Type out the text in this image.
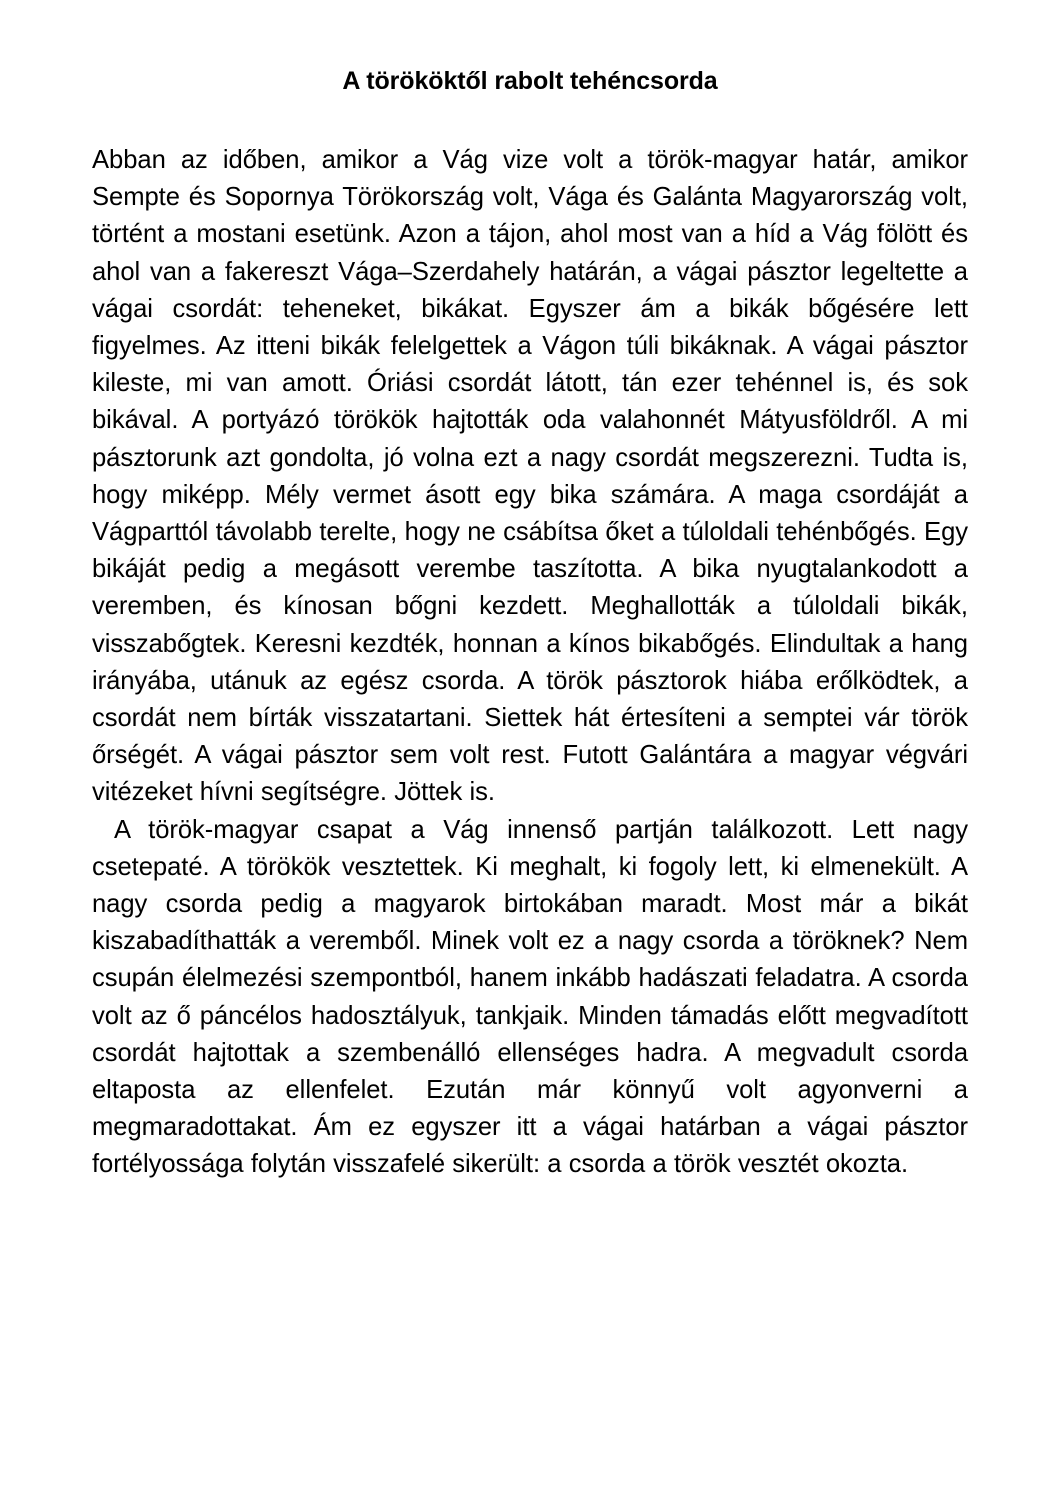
A törököktől rabolt tehéncsorda

Abban az időben, amikor a Vág vize volt a török-magyar határ, amikor Sempte és Sopornya Törökország volt, Vága és Galánta Magyarország volt, történt a mostani esetünk. Azon a tájon, ahol most van a híd a Vág fölött és ahol van a fakereszt Vága–Szerdahely határán, a vágai pásztor legeltette a vágai csordát: teheneket, bikákat. Egyszer ám a bikák bőgésére lett figyelmes. Az itteni bikák felelgettek a Vágon túli bikáknak. A vágai pásztor kileste, mi van amott. Óriási csordát látott, tán ezer tehénnel is, és sok bikával. A portyázó törökök hajtották oda valahonnét Mátyusföldről. A mi pásztorunk azt gondolta, jó volna ezt a nagy csordát megszerezni. Tudta is, hogy miképp. Mély vermet ásott egy bika számára. A maga csordáját a Vágparttól távolabb terelte, hogy ne csábítsa őket a túloldali tehénbőgés. Egy bikáját pedig a megásott verembe taszította. A bika nyugtalankodott a veremben, és kínosan bőgni kezdett. Meghallották a túloldali bikák, visszabőgtek. Keresni kezdték, honnan a kínos bikabőgés. Elindultak a hang irányába, utánuk az egész csorda. A török pásztorok hiába erőlködtek, a csordát nem bírták visszatartani. Siettek hát értesíteni a semptei vár török őrségét. A vágai pásztor sem volt rest. Futott Galántára a magyar végvári vitézeket hívni segítségre. Jöttek is.

A török-magyar csapat a Vág innenső partján találkozott. Lett nagy csetepaté. A törökök vesztettek. Ki meghalt, ki fogoly lett, ki elmenekült. A nagy csorda pedig a magyarok birtokában maradt. Most már a bikát kiszabadíthatták a veremből. Minek volt ez a nagy csorda a töröknek? Nem csupán élelmezési szempontból, hanem inkább hadászati feladatra. A csorda volt az ő páncélos hadosztályuk, tankjaik. Minden támadás előtt megvadított csordát hajtottak a szembenálló ellenséges hadra. A megvadult csorda eltaposta az ellenfelet. Ezután már könnyű volt agyonverni a megmaradottakat. Ám ez egyszer itt a vágai határban a vágai pásztor fortélyossága folytán visszafelé sikerült: a csorda a török vesztét okozta.
